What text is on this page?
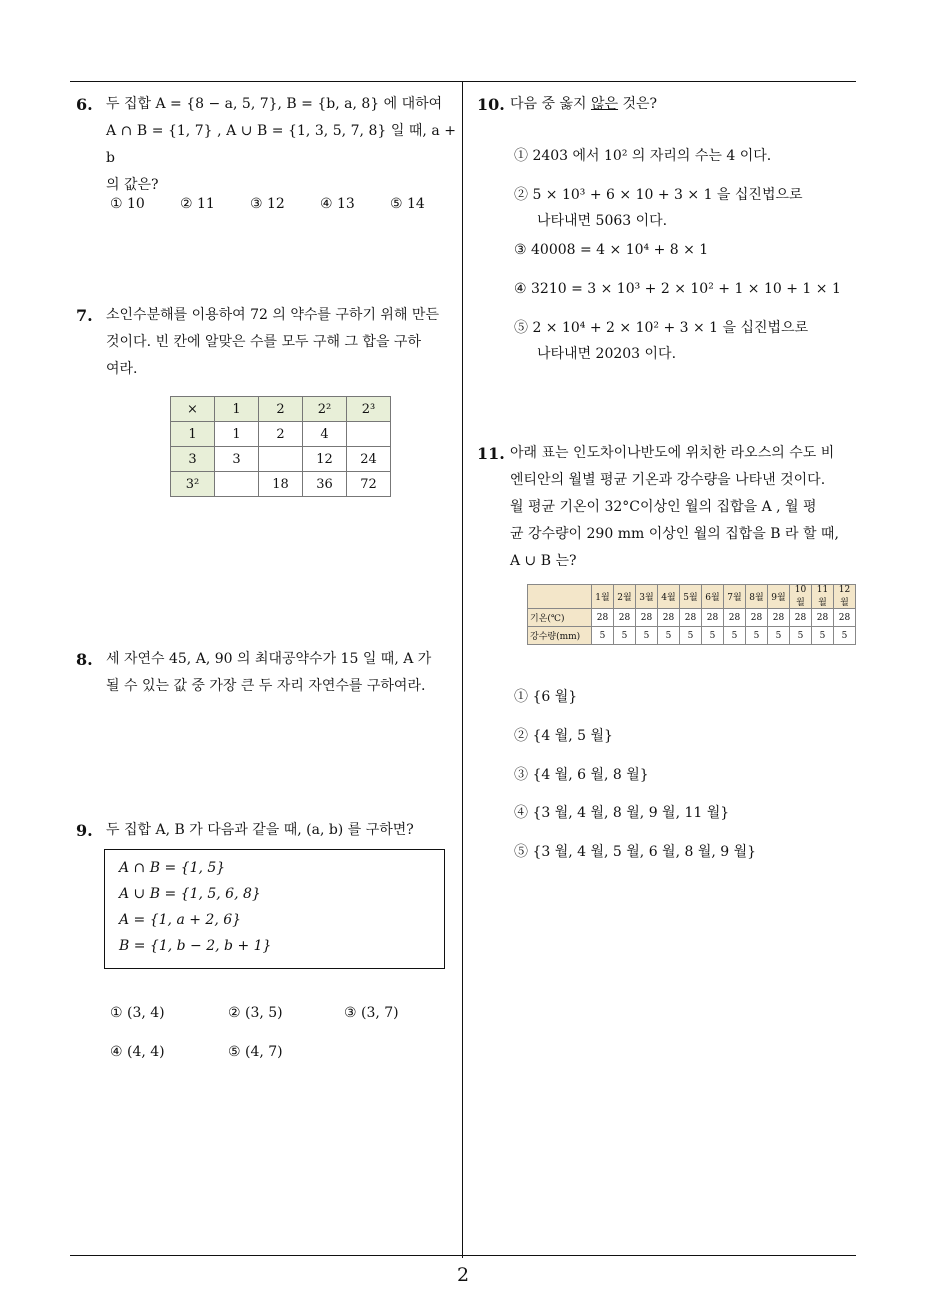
6. 두 집합 A = {8 − a, 5, 7}, B = {b, a, 8} 에 대하여
A ∩ B = {1, 7} , A ∪ B = {1, 3, 5, 7, 8} 일 때, a + b
의 값은?
① 10	② 11	③ 12	④ 13	⑤ 14
7. 소인수분해를 이용하여 72 의 약수를 구하기 위해 만든
것이다. 빈 칸에 알맞은 수를 모두 구해 그 합을 구하
여라.
×	1	2	2²	2³
1	1	2	4	
3	3		12	24
3²		18	36	72
8. 세 자연수 45, A, 90 의 최대공약수가 15 일 때, A 가
될 수 있는 값 중 가장 큰 두 자리 자연수를 구하여라.
9. 두 집합 A, B 가 다음과 같을 때, (a, b) 를 구하면?
A ∩ B = {1, 5}
A ∪ B = {1, 5, 6, 8}
A = {1, a + 2, 6}
B = {1, b − 2, b + 1}
① (3, 4)	② (3, 5)	③ (3, 7)
④ (4, 4)	⑤ (4, 7)
10. 다음 중 옳지 않은 것은?
① 2403 에서 10² 의 자리의 수는 4 이다.
② 5 × 10³ + 6 × 10 + 3 × 1 을 십진법으로
나타내면 5063 이다.
③ 40008 = 4 × 10⁴ + 8 × 1
④ 3210 = 3 × 10³ + 2 × 10² + 1 × 10 + 1 × 1
⑤ 2 × 10⁴ + 2 × 10² + 3 × 1 을 십진법으로
나타내면 20203 이다.
11. 아래 표는 인도차이나반도에 위치한 라오스의 수도 비
엔티안의 월별 평균 기온과 강수량을 나타낸 것이다.
월 평균 기온이 32°C이상인 월의 집합을 A , 월 평
균 강수량이 290 mm 이상인 월의 집합을 B 라 할 때,
A ∪ B 는?
	1월	2월	3월	4월	5월	6월	7월	8월	9월	10월	11월	12월
기온(℃)	28	28	28	28	28	28	28	28	28	28	28	28
강수량(mm)	5	5	5	5	5	5	5	5	5	5	5	5
① {6 월}
② {4 월, 5 월}
③ {4 월, 6 월, 8 월}
④ {3 월, 4 월, 8 월, 9 월, 11 월}
⑤ {3 월, 4 월, 5 월, 6 월, 8 월, 9 월}
2
